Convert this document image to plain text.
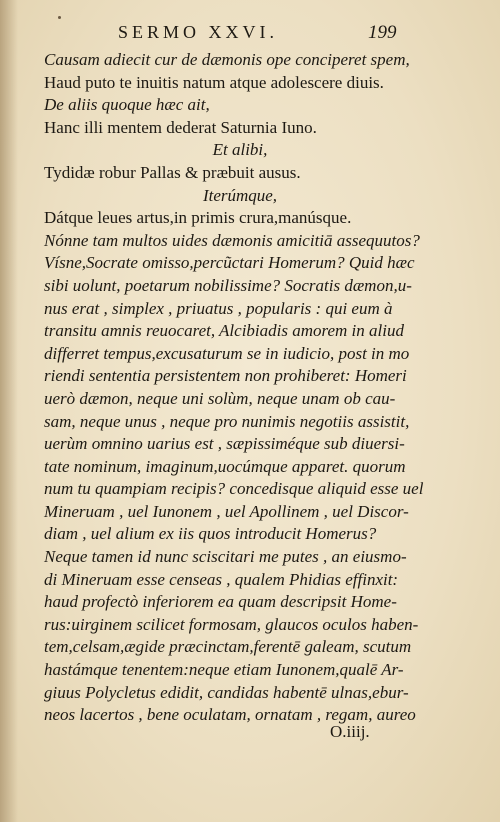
SERMO XXVI.	199
Causam adiecit cur de dæmonis ope conciperet spem,
Haud puto te inuitis natum atque adolescere diuis.
De aliis quoque hæc ait,
Hanc illi mentem dederat Saturnia Iuno.
Et alibi,
Tydidæ robur Pallas & præbuit ausus.
Iterúmque,
Dátque leues artus,in primis crura,manúsque.
Nónne tam multos uides dæmonis amicitiā assequutos?
Vísne,Socrate omisso,percũctari Homerum? Quid hæc
sibi uolunt, poetarum nobilissime? Socratis dæmon,u-
nus erat , simplex , priuatus , popularis : qui eum à
transitu amnis reuocaret, Alcibiadis amorem in aliud
differret tempus,excusaturum se in iudicio, post in mo
riendi sententia persistentem non prohiberet: Homeri
uerò dæmon, neque uni solùm, neque unam ob cau-
sam, neque unus , neque pro nunimis negotiis assistit,
uerùm omnino uarius est , sæpissiméque sub diuersi-
tate nominum, imaginum,uocúmque apparet. quorum
num tu quampiam recipis? concedisque aliquid esse uel
Mineruam , uel Iunonem , uel Apollinem , uel Discor-
diam , uel alium ex iis quos introducit Homerus?
Neque tamen id nunc sciscitari me putes , an eiusmo-
di Mineruam esse censeas , qualem Phidias effinxit:
haud profectò inferiorem ea quam descripsit Home-
rus:uirginem scilicet formosam, glaucos oculos haben-
tem,celsam,ægide præcinctam,ferentē galeam, scutum
hastámque tenentem:neque etiam Iunonem,qualē Ar-
giuus Polycletus edidit, candidas habentē ulnas,ebur-
neos lacertos , bene oculatam, ornatam , regam, aureo
O.iiij.
